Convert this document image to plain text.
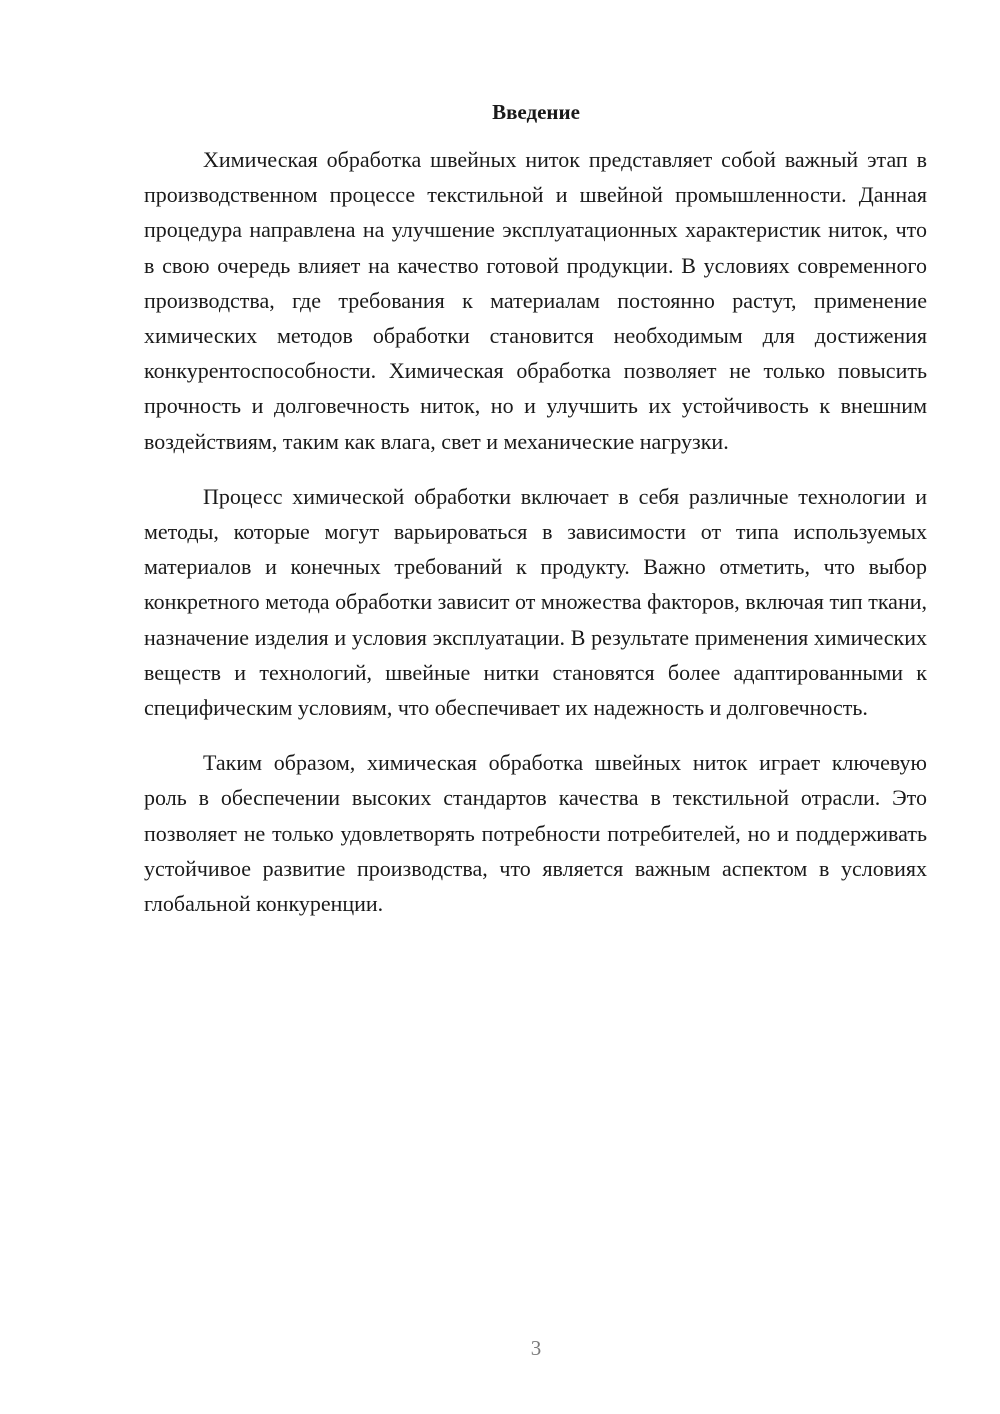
Введение

Химическая обработка швейных ниток представляет собой важный этап в производственном процессе текстильной и швейной промышленности. Данная процедура направлена на улучшение эксплуатационных характеристик ниток, что в свою очередь влияет на качество готовой продукции. В условиях современного производства, где требования к материалам постоянно растут, применение химических методов обработки становится необходимым для достижения конкурентоспособности. Химическая обработка позволяет не только повысить прочность и долговечность ниток, но и улучшить их устойчивость к внешним воздействиям, таким как влага, свет и механические нагрузки.

Процесс химической обработки включает в себя различные технологии и методы, которые могут варьироваться в зависимости от типа используемых материалов и конечных требований к продукту. Важно отметить, что выбор конкретного метода обработки зависит от множества факторов, включая тип ткани, назначение изделия и условия эксплуатации. В результате применения химических веществ и технологий, швейные нитки становятся более адаптированными к специфическим условиям, что обеспечивает их надежность и долговечность.

Таким образом, химическая обработка швейных ниток играет ключевую роль в обеспечении высоких стандартов качества в текстильной отрасли. Это позволяет не только удовлетворять потребности потребителей, но и поддерживать устойчивое развитие производства, что является важным аспектом в условиях глобальной конкуренции.

3
